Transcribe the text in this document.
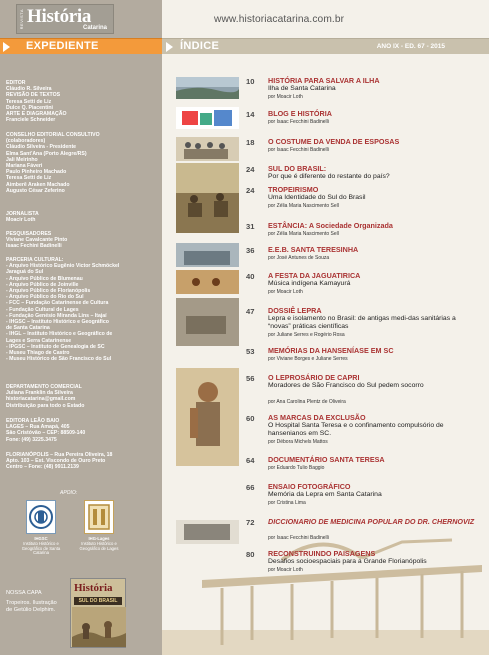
REVISTA História
Catarina
EXPEDIENTE
EDITOR
Cláudio R. Silveira
REVISÃO DE TEXTOS
Teresa Setti de Liz
Dulce Q. Piacentini
ARTE E DIAGRAMAÇÃO
Franciele Schneider
CONSELHO EDITORIAL CONSULTIVO
(colaboradores)
Cláudio Silveira - Presidente
Elma Sant'Ana (Porto Alegre/RS)
Jali Meirinho
Mariana Fáveri
Paulo Pinheiro Machado
Teresa Setti de Liz
Aimberê Araken Machado
Augusto César Zeferino
JORNALISTA
Moacir Loth
PESQUISADORES
Viviane Cavalcante Pinto
Isaac Fechini Badinelli
PARCERIA CULTURAL:
- Arquivo Histórico Eugênio Victor Schmöckel
Jaraguá do Sul
- Arquivo Público de Blumenau
- Arquivo Público de Joinville
- Arquivo Público de Florianópolis
- Arquivo Público do Rio do Sul
- FCC – Fundação Catarinense de Cultura
- Fundação Cultural de Lages
- Fundação Genésio Miranda Lins – Itajaí
- IHGSC – Instituto Histórico e Geográfico
de Santa Catarina
- IHGL – Instituto Histórico e Geográfico de
Lages e Serra Catarinense
- IPGSC – Instituto de Genealogia de SC
- Museu Thiago de Castro
- Museu Histórico de São Francisco do Sul
DEPARTAMENTO COMERCIAL
Juliana Franklin da Silveira
historiacatarina@gmail.com
Distribuição para todo o Estado
EDITORA LEÃO BAIO
LAGES – Rua Amapá, 405
São Cristóvão – CEP: 88509-140
Fone: (49) 3225.3475
FLORIANÓPOLIS – Rua Pereira Oliveira, 18
Apto. 103 – Est. Viscondo de Ouro Preto
Centro – Fone: (48) 9911.2139
APOIO:
IHGSC
Instituto Histórico e
Geográfico de Santa Catarina
IHG-Lages
Instituto Histórico e
Geográfico de Lages
NOSSA CAPA
Tropeiros. Ilustração
de Getúlio Delphim.
História
SUL DO BRASIL
www.historiacatarina.com.br
ÍNDICE	ANO IX - ED. 67 - 2015
10 HISTÓRIA PARA SALVAR A ILHA
Ilha de Santa Catarina
por Moacir Loth
14 BLOG E HISTÓRIA
por Isaac Fecchini Badinelli
18 O COSTUME DA VENDA DE ESPOSAS
por Isaac Fecchini Badinelli
24 SUL DO BRASIL:
Por que é diferente do restante do país?
24 TROPEIRISMO
Uma Identidade do Sul do Brasil
por Zélia Maria Nascimento Sell
31 ESTÂNCIA: A Sociedade Organizada
por Zélia Maria Nascimento Sell
36 E.E.B. SANTA TERESINHA
por José Antunes de Souza
40 A FESTA DA JAGUATIRICA
Música indígena Kamayurá
por Moacir Loth
47 DOSSIÊ LEPRA
Lepra e isolamento no Brasil: de antigas medi-das sanitárias a “novas” práticas científicas
por Juliane Serres e Rogério Rosa
53 MEMÓRIAS DA HANSENÍASE EM SC
por Viviane Borges e Juliane Serres
56 O LEPROSÁRIO DE CAPRI
Moradores de São Francisco do Sul pedem socorro
por Ana Carolina Plentz de Oliveira
60 AS MARCAS DA EXCLUSÃO
O Hospital Santa Teresa e o confinamento compulsório de hansenianos em SC.
por Débora Michels Mattos
64 DOCUMENTÁRIO SANTA TERESA
por Eduardo Tulio Baggio
66 ENSAIO FOTOGRÁFICO
Memória da Lepra em Santa Catarina
por Cristina Lima
72 DICCIONARIO DE MEDICINA POPULAR DO DR. CHERNOVIZ
por Isaac Fecchini Badinelli
80 RECONSTRUINDO PAISAGENS
Desafios socioespaciais para a Grande Florianópolis
por Moacir Loth
